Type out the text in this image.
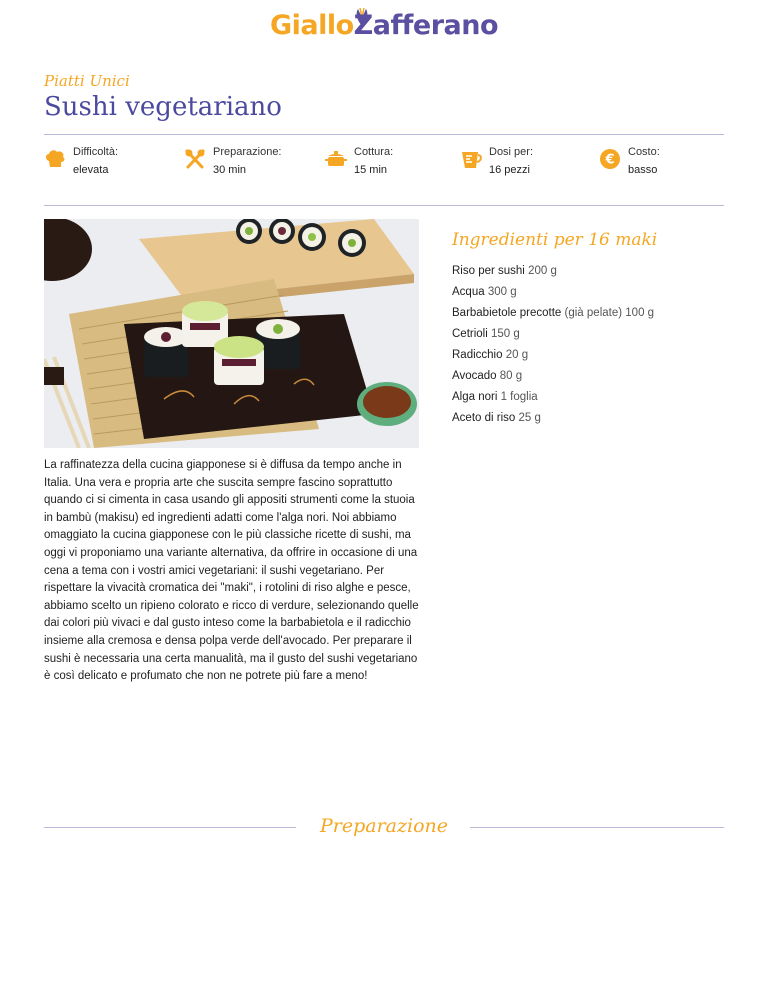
GialloZafferano
Piatti Unici
Sushi vegetariano
Difficoltà:
elevata
Preparazione:
30 min
Cottura:
15 min
Dosi per:
16 pezzi
€
Costo:
basso
Ingredienti per 16 maki
Riso per sushi 200 g
Acqua 300 g
Barbabietole precotte (già pelate) 100 g
Cetrioli 150 g
Radicchio 20 g
Avocado 80 g
Alga nori 1 foglia
Aceto di riso 25 g
La raffinatezza della cucina giapponese si è diffusa da tempo anche in Italia. Una vera e propria arte che suscita sempre fascino soprattutto quando ci si cimenta in casa usando gli appositi strumenti come la stuoia in bambù (makisu) ed ingredienti adatti come l'alga nori. Noi abbiamo omaggiato la cucina giapponese con le più classiche ricette di sushi, ma oggi vi proponiamo una variante alternativa, da offrire in occasione di una cena a tema con i vostri amici vegetariani: il sushi vegetariano. Per rispettare la vivacità cromatica dei "maki", i rotolini di riso alghe e pesce, abbiamo scelto un ripieno colorato e ricco di verdure, selezionando quelle dai colori più vivaci e dal gusto inteso come la barbabietola e il radicchio insieme alla cremosa e densa polpa verde dell'avocado. Per preparare il sushi è necessaria una certa manualità, ma il gusto del sushi vegetariano è così delicato e profumato che non ne potrete più fare a meno!
Preparazione
